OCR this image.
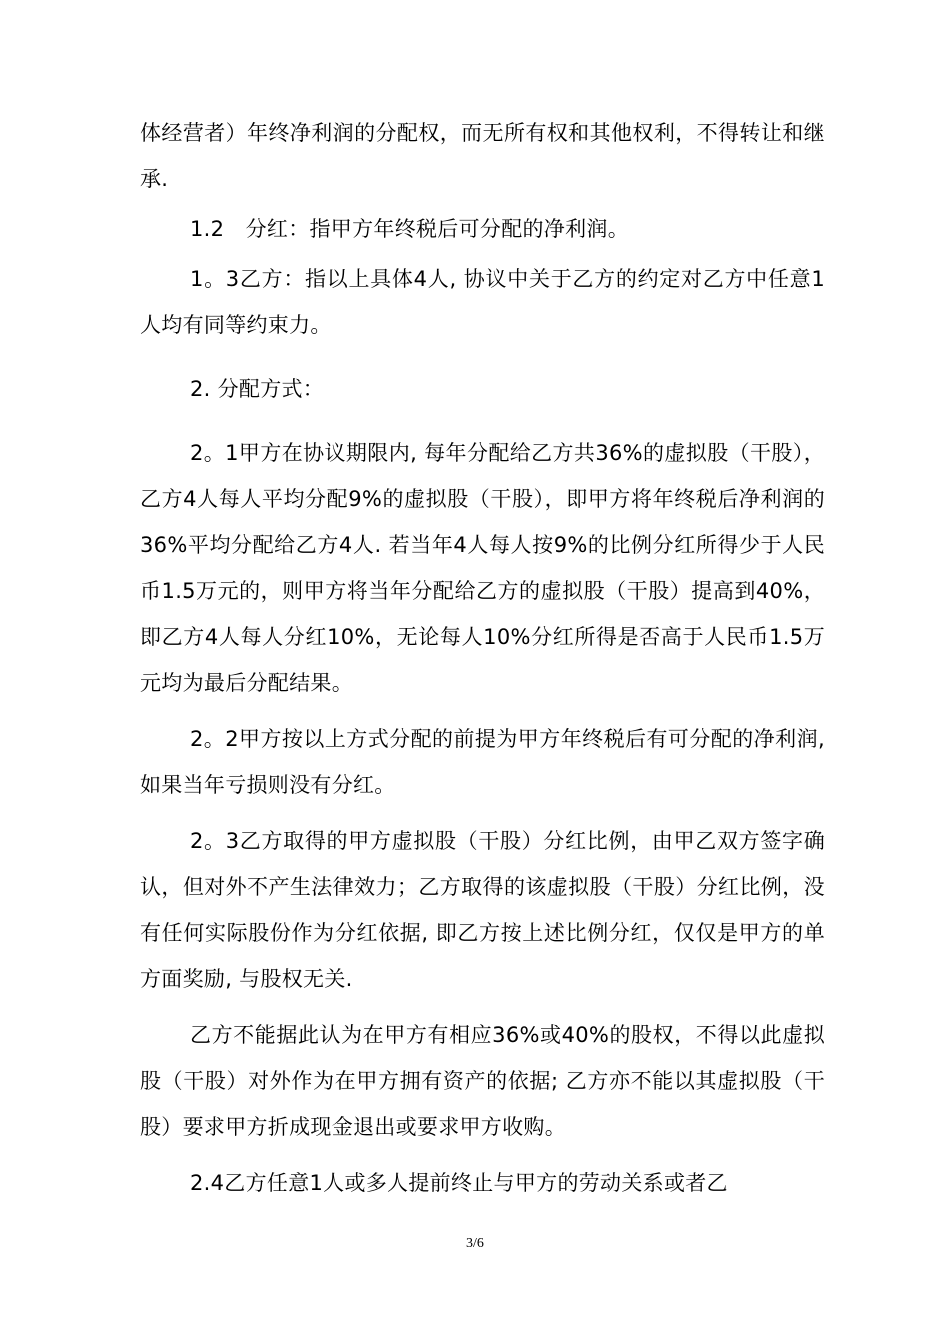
体经营者）年终净利润的分配权，而无所有权和其他权利，不得转让和继承.

1.2　分红：指甲方年终税后可分配的净利润。

1。3乙方：指以上具体4人, 协议中关于乙方的约定对乙方中任意1人均有同等约束力。

2. 分配方式：

2。1甲方在协议期限内, 每年分配给乙方共36%的虚拟股（干股），乙方4人每人平均分配9%的虚拟股（干股），即甲方将年终税后净利润的36%平均分配给乙方4人. 若当年4人每人按9%的比例分红所得少于人民币1.5万元的，则甲方将当年分配给乙方的虚拟股（干股）提高到40%，即乙方4人每人分红10%，无论每人10%分红所得是否高于人民币1.5万元均为最后分配结果。

2。2甲方按以上方式分配的前提为甲方年终税后有可分配的净利润, 如果当年亏损则没有分红。

2。3乙方取得的甲方虚拟股（干股）分红比例，由甲乙双方签字确认，但对外不产生法律效力；乙方取得的该虚拟股（干股）分红比例，没有任何实际股份作为分红依据, 即乙方按上述比例分红，仅仅是甲方的单方面奖励, 与股权无关.

乙方不能据此认为在甲方有相应36%或40%的股权，不得以此虚拟股（干股）对外作为在甲方拥有资产的依据; 乙方亦不能以其虚拟股（干股）要求甲方折成现金退出或要求甲方收购。

2.4乙方任意1人或多人提前终止与甲方的劳动关系或者乙

3/6
